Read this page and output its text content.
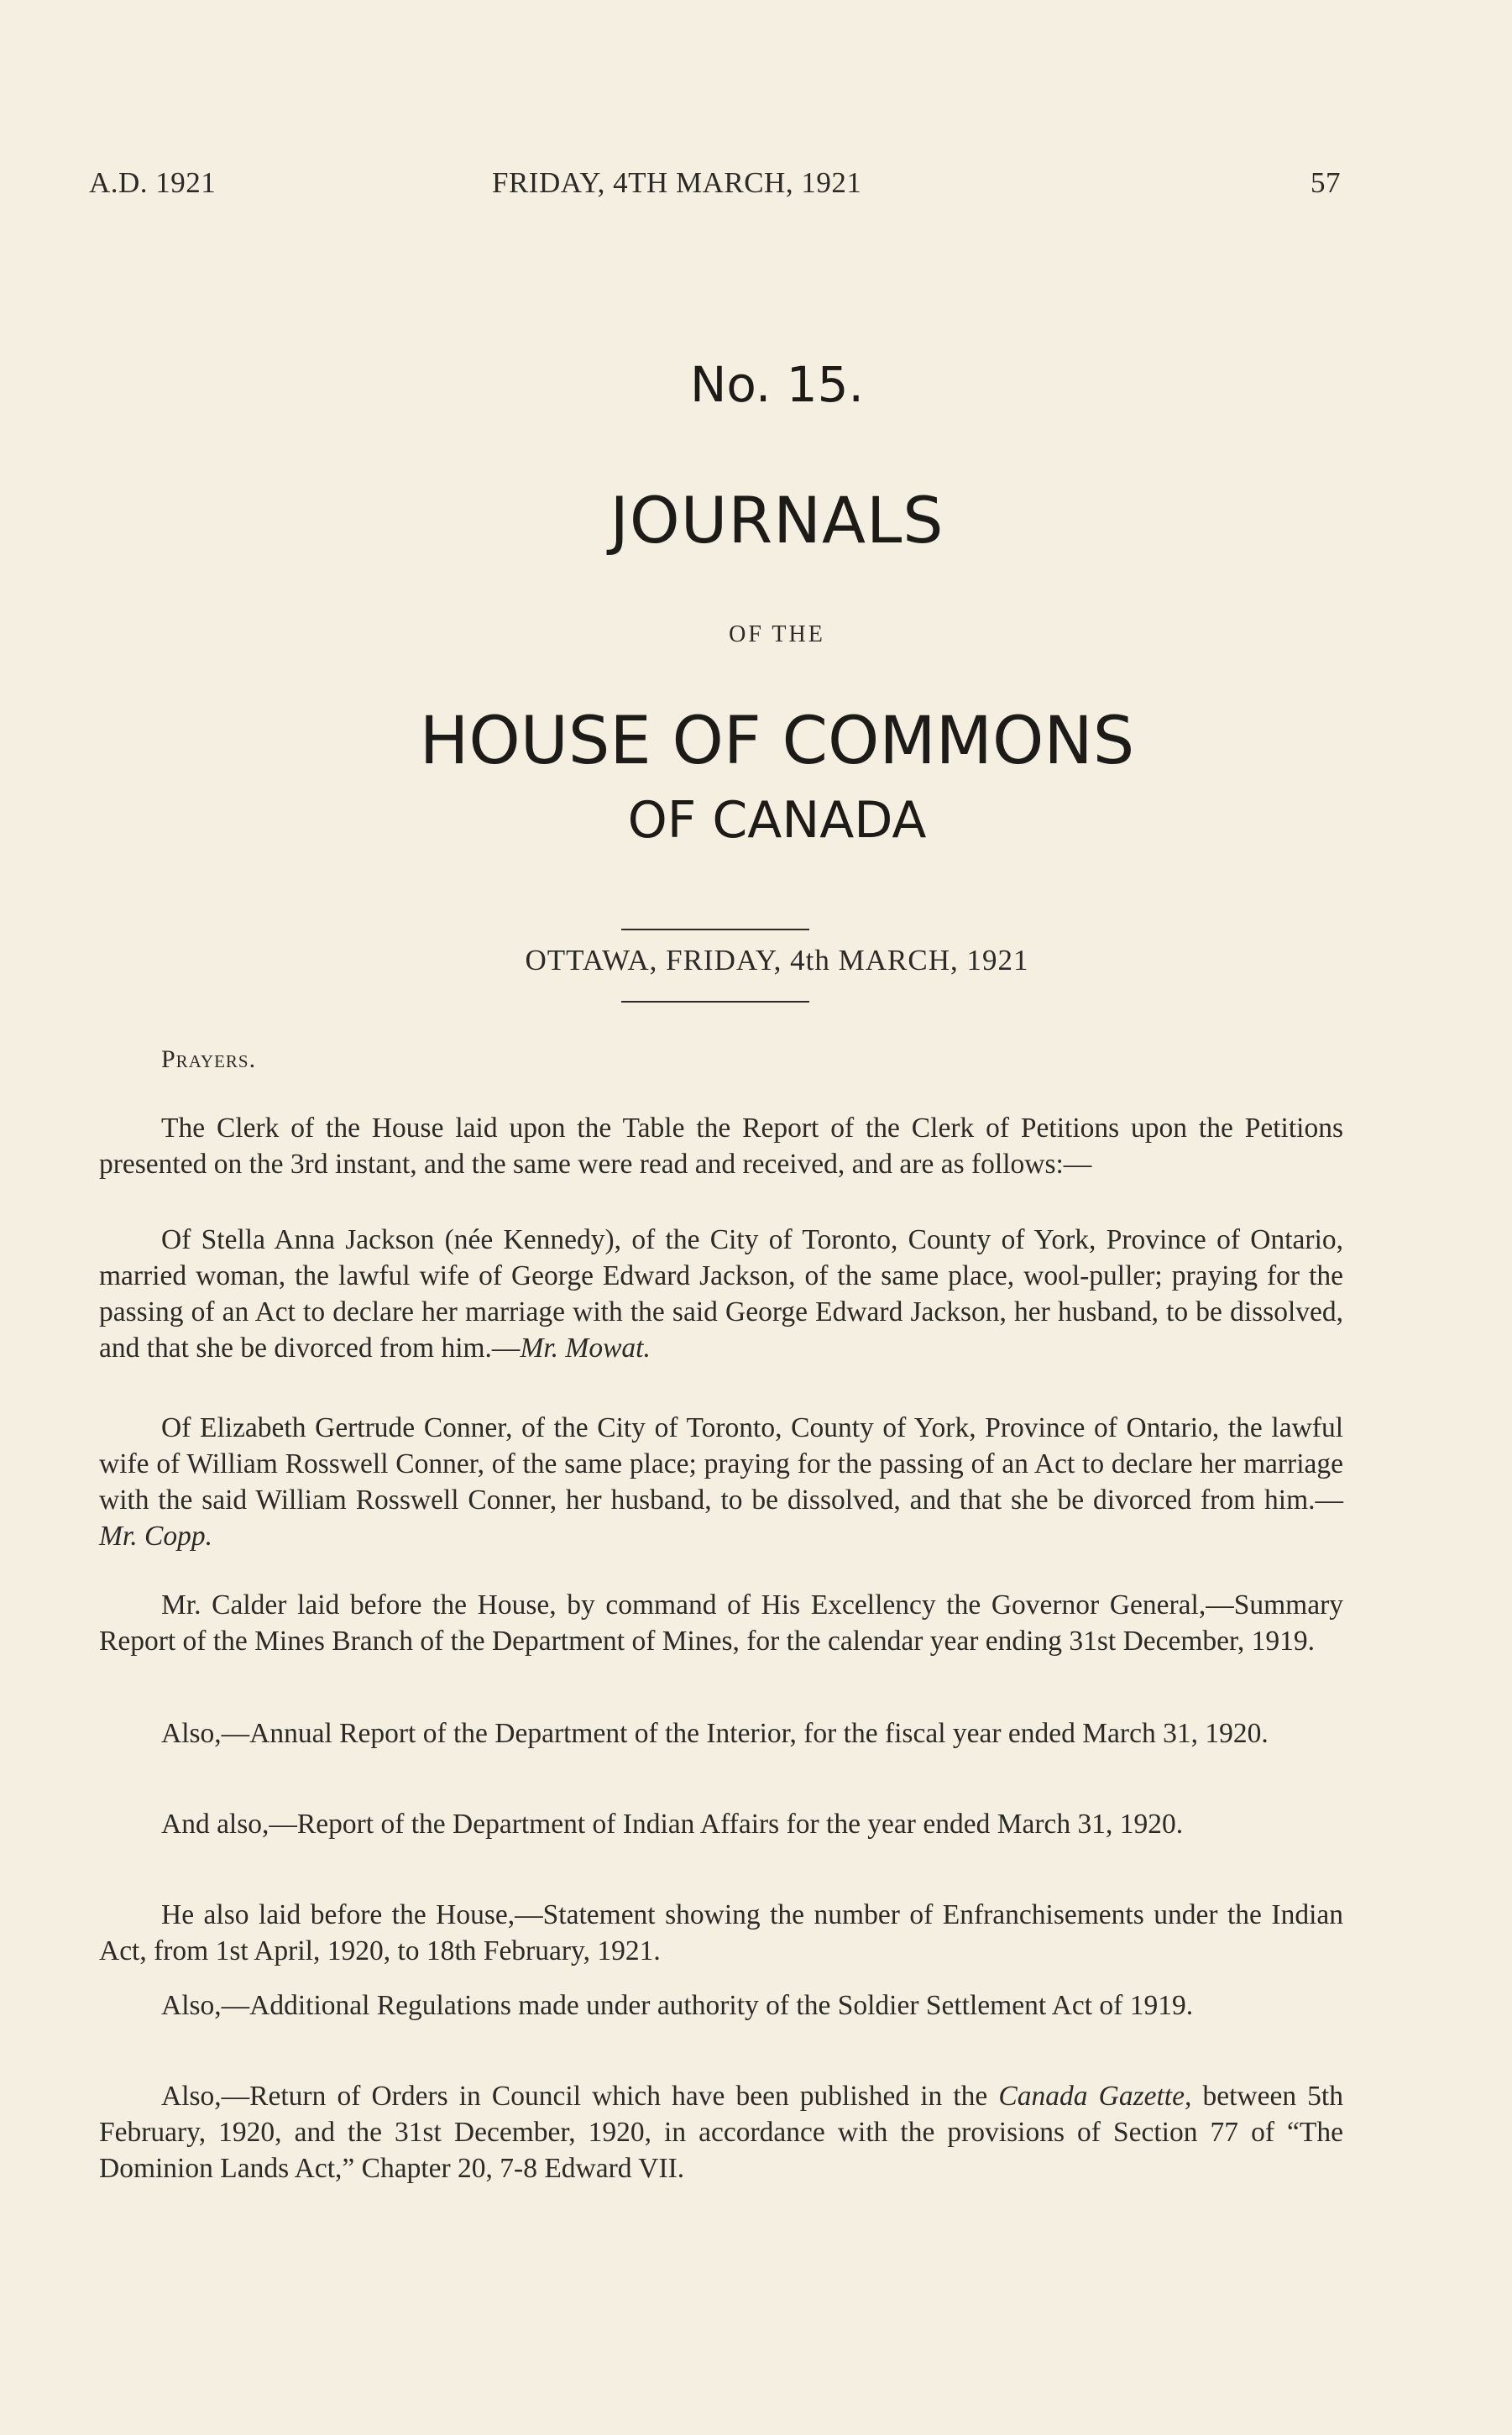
A.D. 1921	FRIDAY, 4TH MARCH, 1921	57
No. 15.
JOURNALS
OF THE
HOUSE OF COMMONS
OF CANADA
OTTAWA, FRIDAY, 4th MARCH, 1921
Prayers.

The Clerk of the House laid upon the Table the Report of the Clerk of Petitions upon the Petitions presented on the 3rd instant, and the same were read and received, and are as follows:—

Of Stella Anna Jackson (née Kennedy), of the City of Toronto, County of York, Province of Ontario, married woman, the lawful wife of George Edward Jackson, of the same place, wool-puller; praying for the passing of an Act to declare her marriage with the said George Edward Jackson, her husband, to be dissolved, and that she be divorced from him.—Mr. Mowat.

Of Elizabeth Gertrude Conner, of the City of Toronto, County of York, Province of Ontario, the lawful wife of William Rosswell Conner, of the same place; praying for the passing of an Act to declare her marriage with the said William Rosswell Conner, her husband, to be dissolved, and that she be divorced from him.—Mr. Copp.

Mr. Calder laid before the House, by command of His Excellency the Governor General,—Summary Report of the Mines Branch of the Department of Mines, for the calendar year ending 31st December, 1919.

Also,—Annual Report of the Department of the Interior, for the fiscal year ended March 31, 1920.

And also,—Report of the Department of Indian Affairs for the year ended March 31, 1920.

He also laid before the House,—Statement showing the number of Enfranchisements under the Indian Act, from 1st April, 1920, to 18th February, 1921.

Also,—Additional Regulations made under authority of the Soldier Settlement Act of 1919.

Also,—Return of Orders in Council which have been published in the Canada Gazette, between 5th February, 1920, and the 31st December, 1920, in accordance with the provisions of Section 77 of “The Dominion Lands Act,” Chapter 20, 7-8 Edward VII.
